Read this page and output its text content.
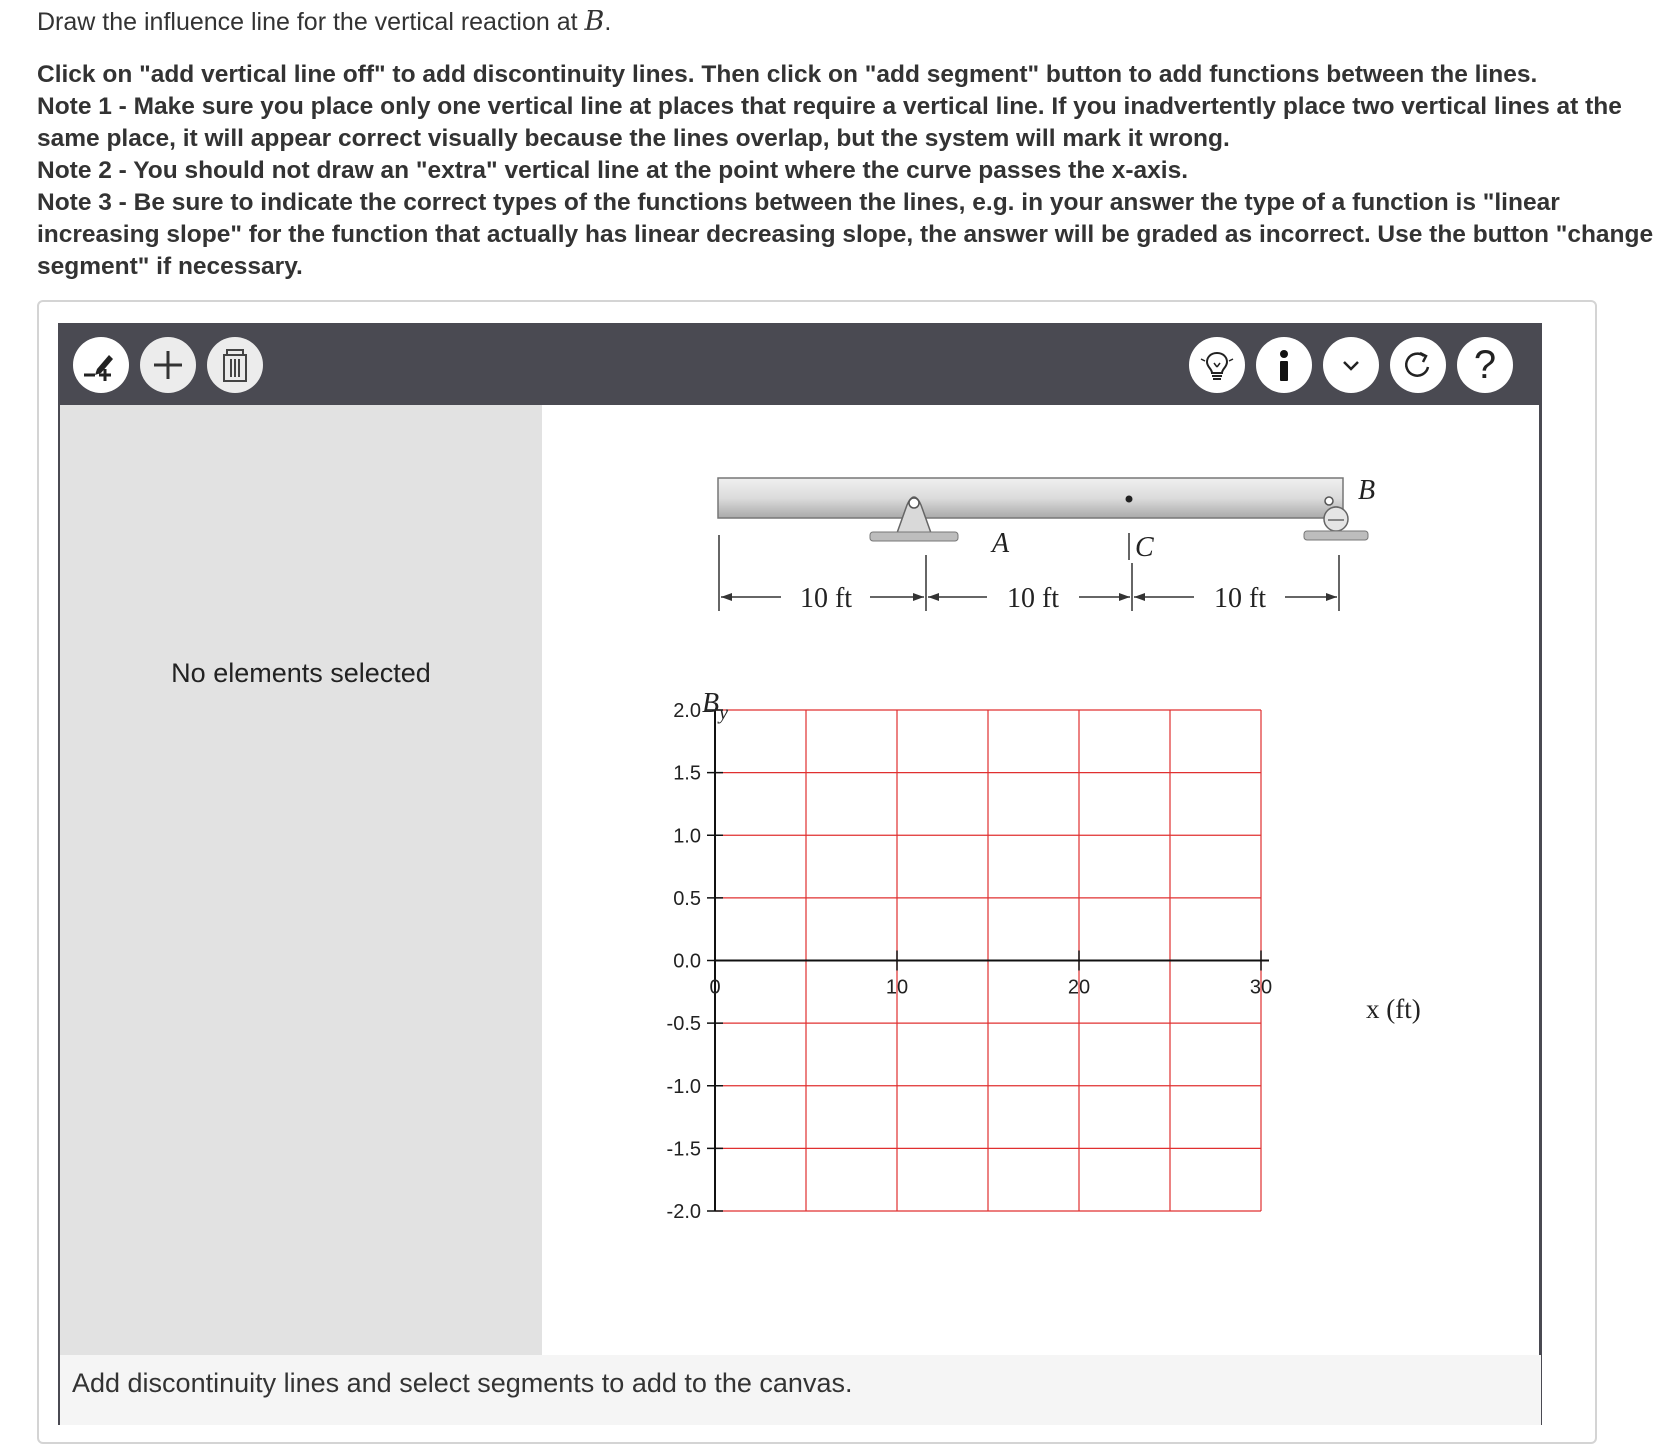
Draw the influence line for the vertical reaction at B.

Click on "add vertical line off" to add discontinuity lines. Then click on "add segment" button to add functions between the lines.

Note 1 - Make sure you place only one vertical line at places that require a vertical line. If you inadvertently place two vertical lines at the same place, it will appear correct visually because the lines overlap, but the system will mark it wrong.

Note 2 - You should not draw an "extra" vertical line at the point where the curve passes the x-axis.

Note 3 - Be sure to indicate the correct types of the functions between the lines, e.g. in your answer the type of a function is "linear increasing slope" for the function that actually has linear decreasing slope, the answer will be graded as incorrect. Use the button "change segment" if necessary.

?
No elements selected
A
B
C
10 ft	10 ft	10 ft
2.0
1.5
1.0
0.5
0.0
-0.5
-1.0
-1.5
-2.0
0	10	20	30
$B_y$
x (ft)
Add discontinuity lines and select segments to add to the canvas.
